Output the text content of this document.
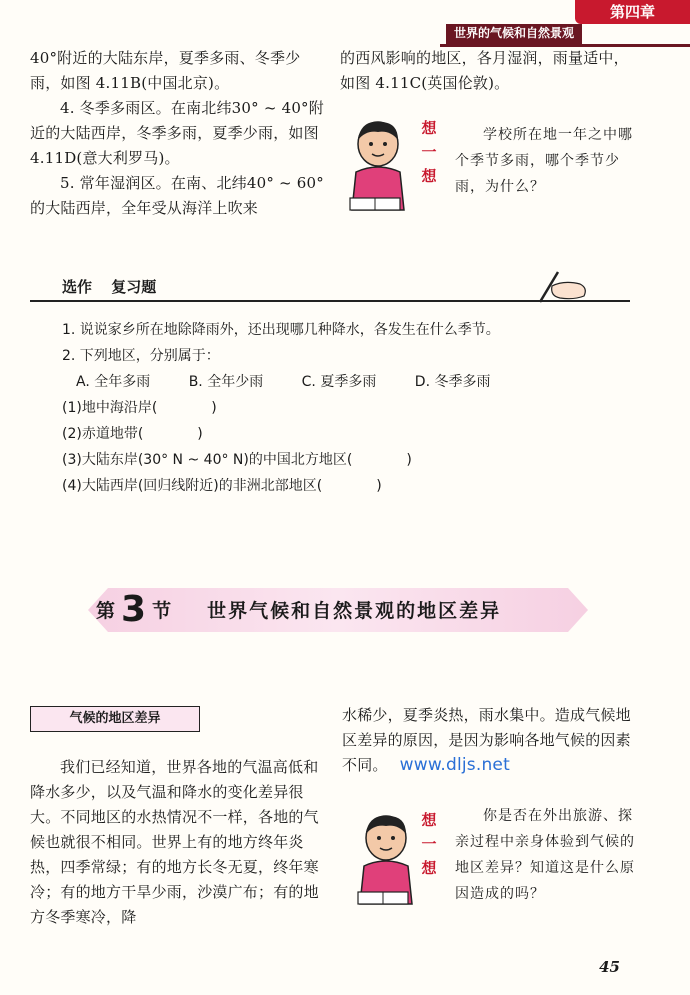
第四章
世界的气候和自然景观

40°附近的大陆东岸，夏季多雨、冬季少雨，如图 4.11B(中国北京)。

4. 冬季多雨区。在南北纬30° ~ 40°附近的大陆西岸，冬季多雨，夏季少雨，如图 4.11D(意大利罗马)。

5. 常年湿润区。在南、北纬40° ~ 60° 的大陆西岸，全年受从海洋上吹来

的西风影响的地区，各月湿润，雨量适中，如图 4.11C(英国伦敦)。

想一想
学校所在地一年之中哪个季节多雨，哪个季节少雨，为什么？
选作 复习题
1. 说说家乡所在地除降雨外，还出现哪几种降水，各发生在什么季节。
2. 下列地区，分别属于：
A. 全年多雨	B. 全年少雨	C. 夏季多雨	D. 冬季多雨
(1)地中海沿岸(	)
(2)赤道地带(	)
(3)大陆东岸(30° N ~ 40° N)的中国北方地区(	)
(4)大陆西岸(回归线附近)的非洲北部地区(	)
第 3 节 世界气候和自然景观的地区差异
气候的地区差异

我们已经知道，世界各地的气温高低和降水多少，以及气温和降水的变化差异很大。不同地区的水热情况不一样，各地的气候也就很不相同。世界上有的地方终年炎热，四季常绿；有的地方长冬无夏，终年寒冷；有的地方干旱少雨，沙漠广布；有的地方冬季寒冷，降

水稀少，夏季炎热，雨水集中。造成气候地区差异的原因，是因为影响各地气候的因素不同。 www.dljs.net

想一想
你是否在外出旅游、探亲过程中亲身体验到气候的地区差异？知道这是什么原因造成的吗？
45
